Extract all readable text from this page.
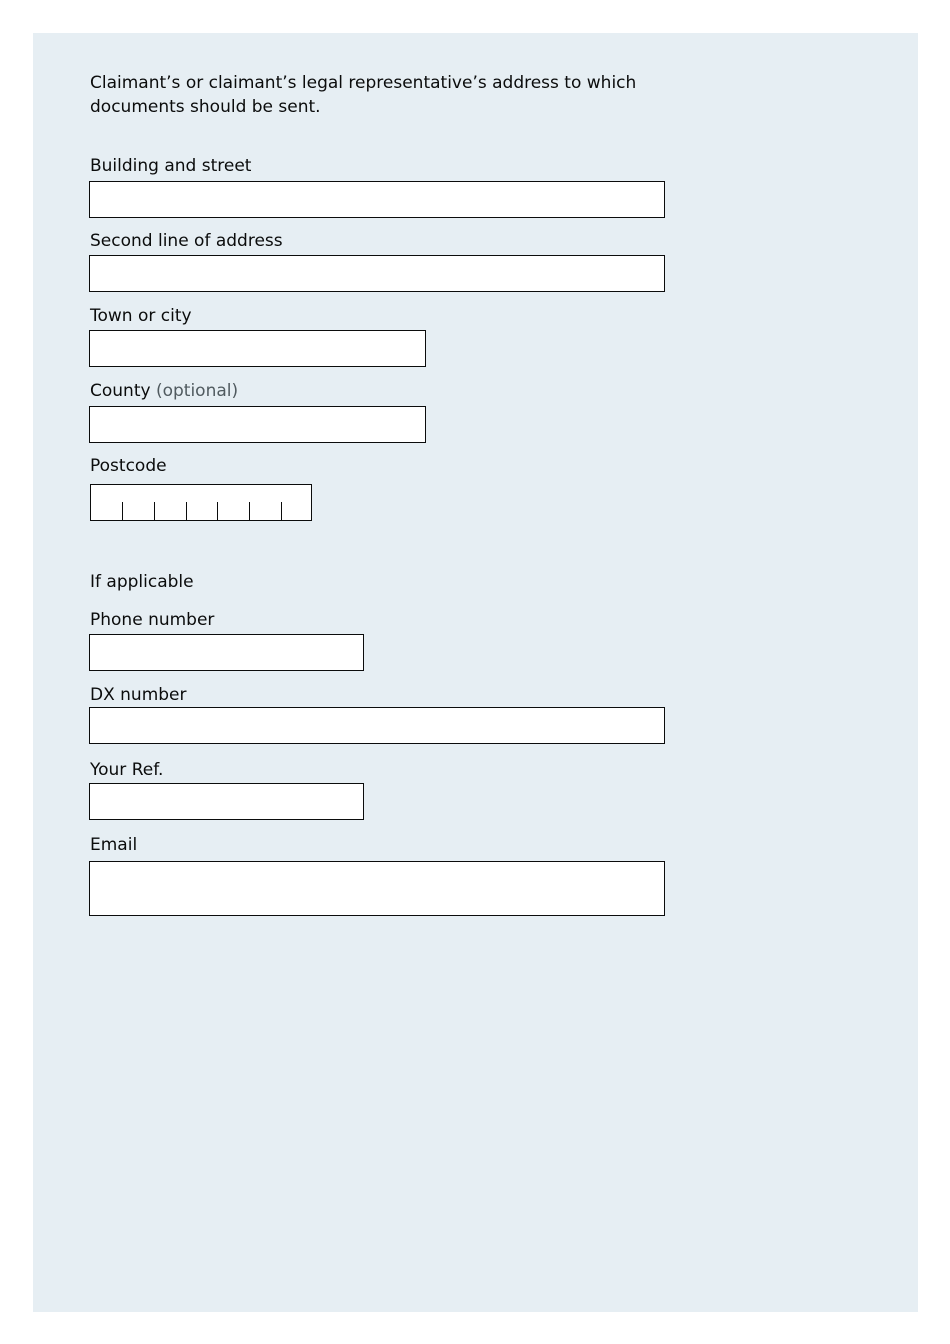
Claimant’s or claimant’s legal representative’s address to which documents should be sent.
Building and street
Second line of address
Town or city
County (optional)
Postcode
If applicable
Phone number
DX number
Your Ref.
Email
